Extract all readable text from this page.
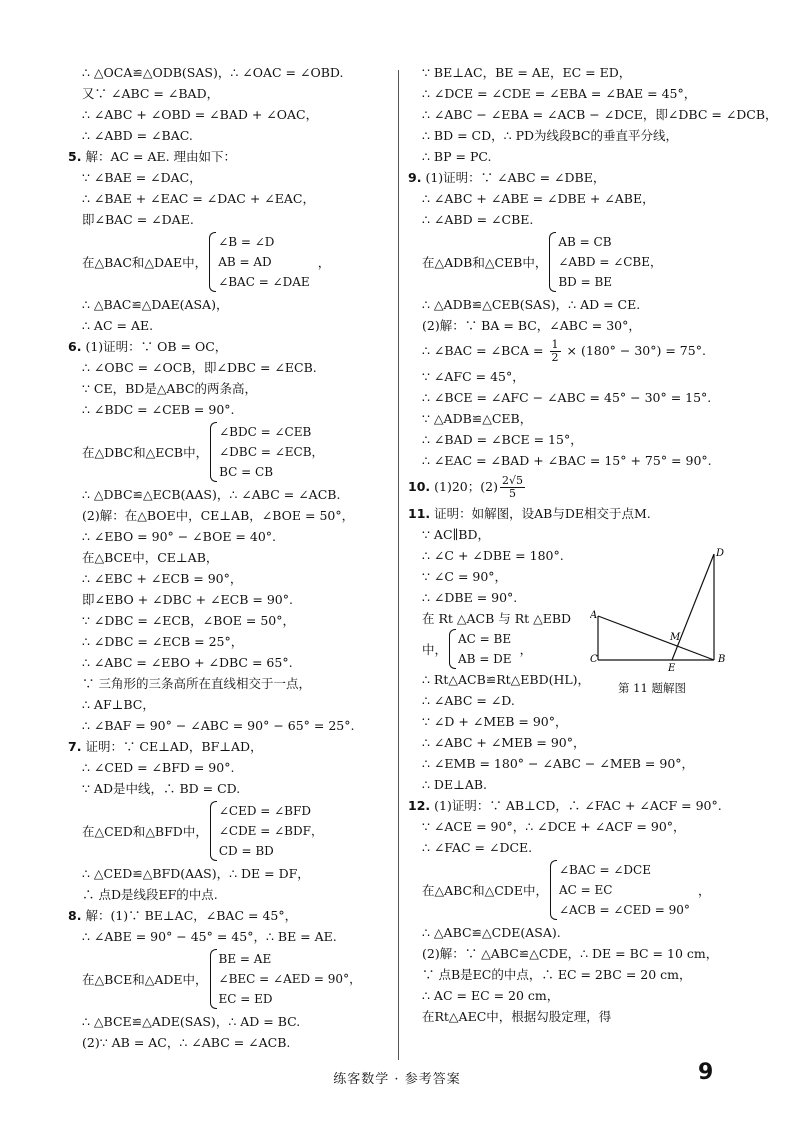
∴ △OCA≌△ODB(SAS)，∴ ∠OAC = ∠OBD.
又∵ ∠ABC = ∠BAD，
∴ ∠ABC + ∠OBD = ∠BAD + ∠OAC，
∴ ∠ABD = ∠BAC.
5. 解：AC = AE. 理由如下：
∵ ∠BAE = ∠DAC，
∴ ∠BAE + ∠EAC = ∠DAC + ∠EAC，
即∠BAC = ∠DAE.
在△BAC和△DAE中，
∠B = ∠D
AB = AD
∠BAC = ∠DAE
，
∴ △BAC≌△DAE(ASA)，
∴ AC = AE.
6. (1)证明：∵ OB = OC，
∴ ∠OBC = ∠OCB，即∠DBC = ∠ECB.
∵ CE，BD是△ABC的两条高，
∴ ∠BDC = ∠CEB = 90°.
在△DBC和△ECB中，
∠BDC = ∠CEB
∠DBC = ∠ECB，
BC = CB
∴ △DBC≌△ECB(AAS)，∴ ∠ABC = ∠ACB.
(2)解：在△BOE中，CE⊥AB，∠BOE = 50°，
∴ ∠EBO = 90° − ∠BOE = 40°.
在△BCE中，CE⊥AB，
∴ ∠EBC + ∠ECB = 90°，
即∠EBO + ∠DBC + ∠ECB = 90°.
∵ ∠DBC = ∠ECB，∠BOE = 50°，
∴ ∠DBC = ∠ECB = 25°，
∴ ∠ABC = ∠EBO + ∠DBC = 65°.
∵ 三角形的三条高所在直线相交于一点，
∴ AF⊥BC，
∴ ∠BAF = 90° − ∠ABC = 90° − 65° = 25°.
7. 证明：∵ CE⊥AD，BF⊥AD，
∴ ∠CED = ∠BFD = 90°.
∵ AD是中线，∴ BD = CD.
在△CED和△BFD中，
∠CED = ∠BFD
∠CDE = ∠BDF，
CD = BD
∴ △CED≌△BFD(AAS)，∴ DE = DF，
∴ 点D是线段EF的中点.
8. 解：(1)∵ BE⊥AC，∠BAC = 45°，
∴ ∠ABE = 90° − 45° = 45°，∴ BE = AE.
在△BCE和△ADE中，
BE = AE
∠BEC = ∠AED = 90°，
EC = ED
∴ △BCE≌△ADE(SAS)，∴ AD = BC.
(2)∵ AB = AC，∴ ∠ABC = ∠ACB.
∵ BE⊥AC，BE = AE，EC = ED，
∴ ∠DCE = ∠CDE = ∠EBA = ∠BAE = 45°，
∴ ∠ABC − ∠EBA = ∠ACB − ∠DCE，即∠DBC = ∠DCB，
∴ BD = CD，∴ PD为线段BC的垂直平分线，
∴ BP = PC.
9. (1)证明：∵ ∠ABC = ∠DBE，
∴ ∠ABC + ∠ABE = ∠DBE + ∠ABE，
∴ ∠ABD = ∠CBE.
在△ADB和△CEB中，
AB = CB
∠ABD = ∠CBE，
BD = BE
∴ △ADB≌△CEB(SAS)，∴ AD = CE.
(2)解：∵ BA = BC，∠ABC = 30°，
∴ ∠BAC = ∠BCA = $\frac{1}{2} \times (180^\circ - 30^\circ) = 75^\circ$.
∵ ∠AFC = 45°，
∴ ∠BCE = ∠AFC − ∠ABC = 45° − 30° = 15°.
∵ △ADB≌△CEB，
∴ ∠BAD = ∠BCE = 15°，
∴ ∠EAC = ∠BAD + ∠BAC = 15° + 75° = 90°.
10. (1)20；$(2) \frac{2√5}{5}$
11. 证明：如解图，设AB与DE相交于点M.
∵ AC∥BD，
∴ ∠C + ∠DBE = 180°.
∵ ∠C = 90°，
∴ ∠DBE = 90°.
在 Rt △ACB 与 Rt △EBD
中，
AC = BE
AB = DE
，
∴ Rt△ACB≌Rt△EBD(HL)，
∴ ∠ABC = ∠D.
∵ ∠D + ∠MEB = 90°，
∴ ∠ABC + ∠MEB = 90°，
∴ ∠EMB = 180° − ∠ABC − ∠MEB = 90°，
∴ DE⊥AB.
12. (1)证明：∵ AB⊥CD，∴ ∠FAC + ∠ACF = 90°.
∵ ∠ACE = 90°，∴ ∠DCE + ∠ACF = 90°，
∴ ∠FAC = ∠DCE.
在△ABC和△CDE中，
∠BAC = ∠DCE
AC = EC
∠ACB = ∠CED = 90°
，
∴ △ABC≌△CDE(ASA).
(2)解：∵ △ABC≌△CDE，∴ DE = BC = 10 cm，
∵ 点B是EC的中点，∴ EC = 2BC = 20 cm，
∴ AC = EC = 20 cm，
在Rt△AEC中，根据勾股定理，得
A
B
C
D
E
M
第 11 题解图
练客数学 · 参考答案	9
